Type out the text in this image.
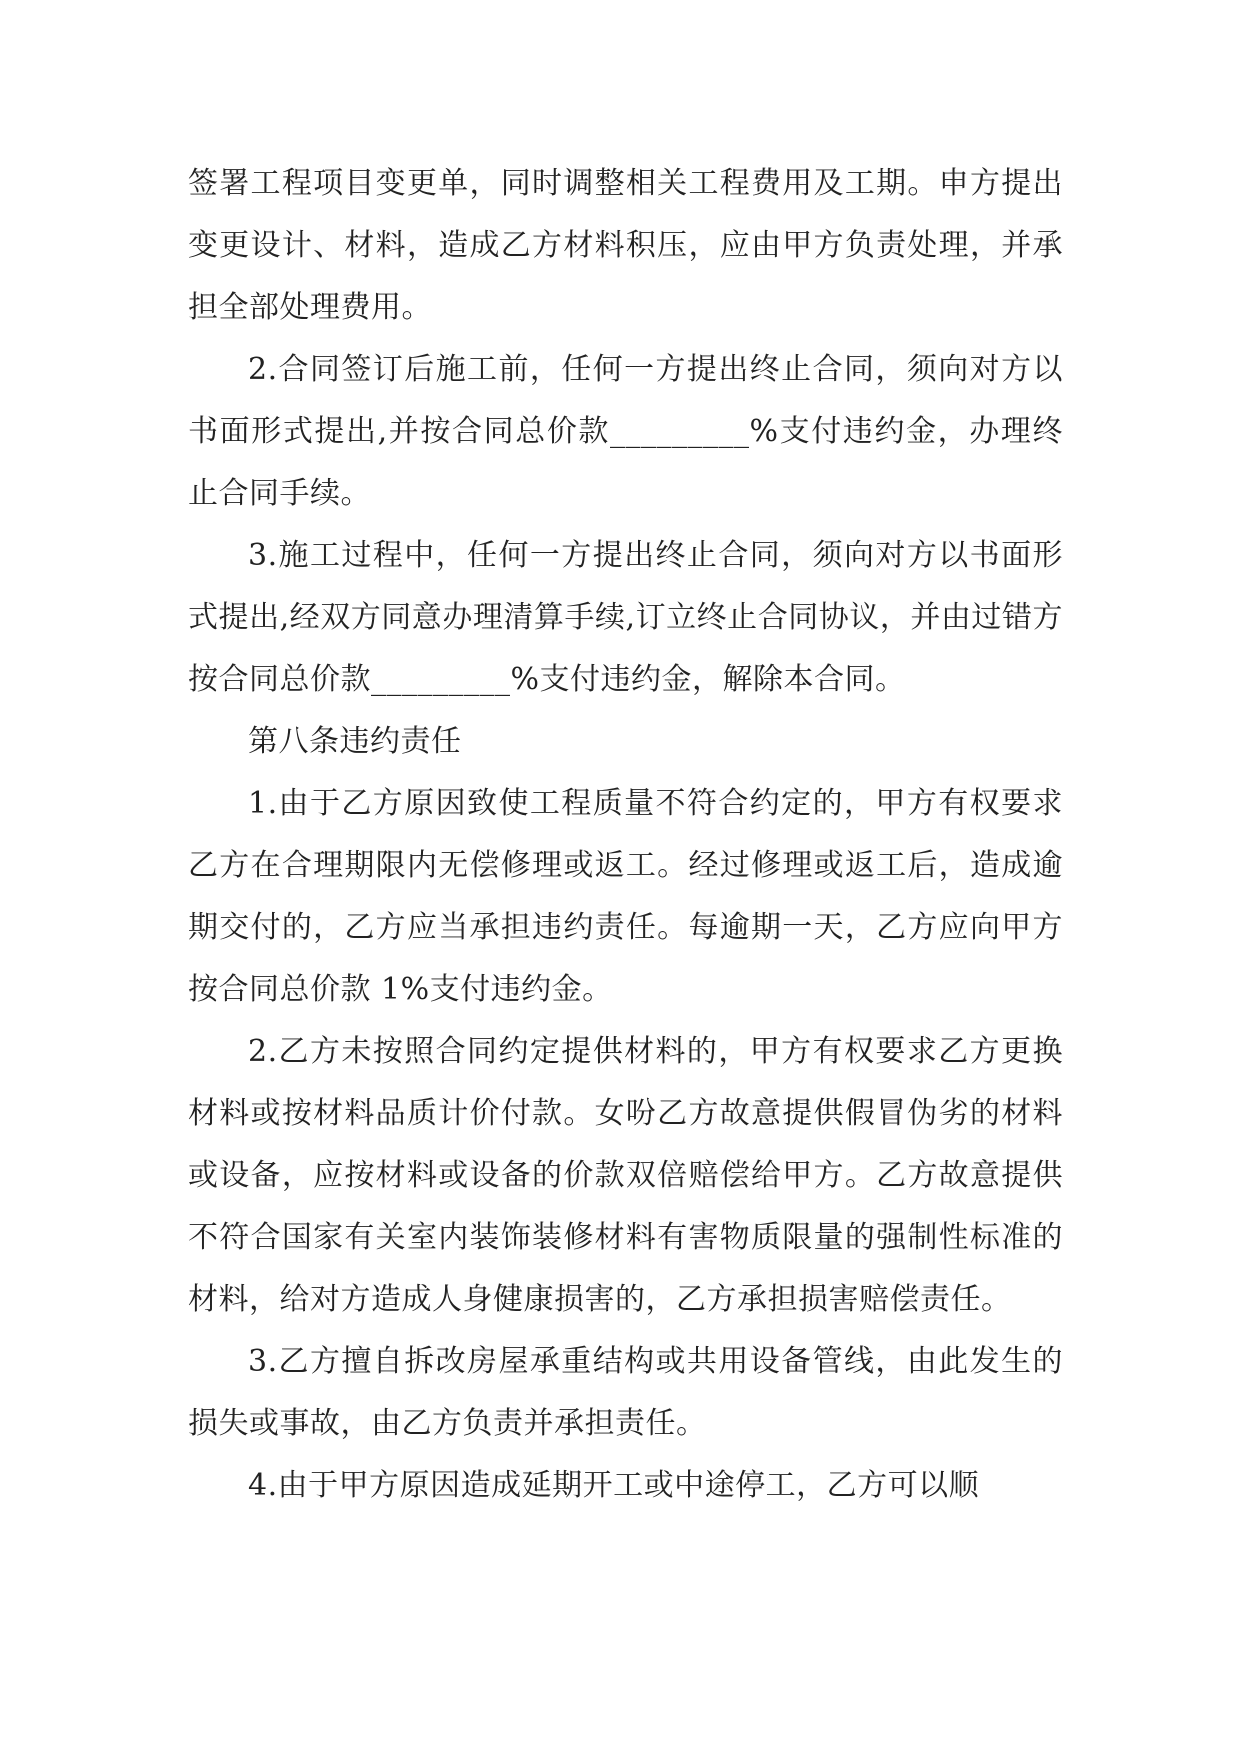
签署工程项目变更单，同时调整相关工程费用及工期。申方提出变更设计、材料，造成乙方材料积压，应由甲方负责处理，并承担全部处理费用。

2.合同签订后施工前，任何一方提出终止合同，须向对方以书面形式提出,并按合同总价款_________%支付违约金，办理终止合同手续。

3.施工过程中，任何一方提出终止合同，须向对方以书面形式提出,经双方同意办理清算手续,订立终止合同协议，并由过错方按合同总价款_________%支付违约金，解除本合同。

第八条违约责任

1.由于乙方原因致使工程质量不符合约定的，甲方有权要求乙方在合理期限内无偿修理或返工。经过修理或返工后，造成逾期交付的，乙方应当承担违约责任。每逾期一天，乙方应向甲方按合同总价款 1%支付违约金。

2.乙方未按照合同约定提供材料的，甲方有权要求乙方更换材料或按材料品质计价付款。女吩乙方故意提供假冒伪劣的材料或设备，应按材料或设备的价款双倍赔偿给甲方。乙方故意提供不符合国家有关室内装饰装修材料有害物质限量的强制性标准的材料，给对方造成人身健康损害的，乙方承担损害赔偿责任。

3.乙方擅自拆改房屋承重结构或共用设备管线，由此发生的损失或事故，由乙方负责并承担责任。

4.由于甲方原因造成延期开工或中途停工，乙方可以顺
